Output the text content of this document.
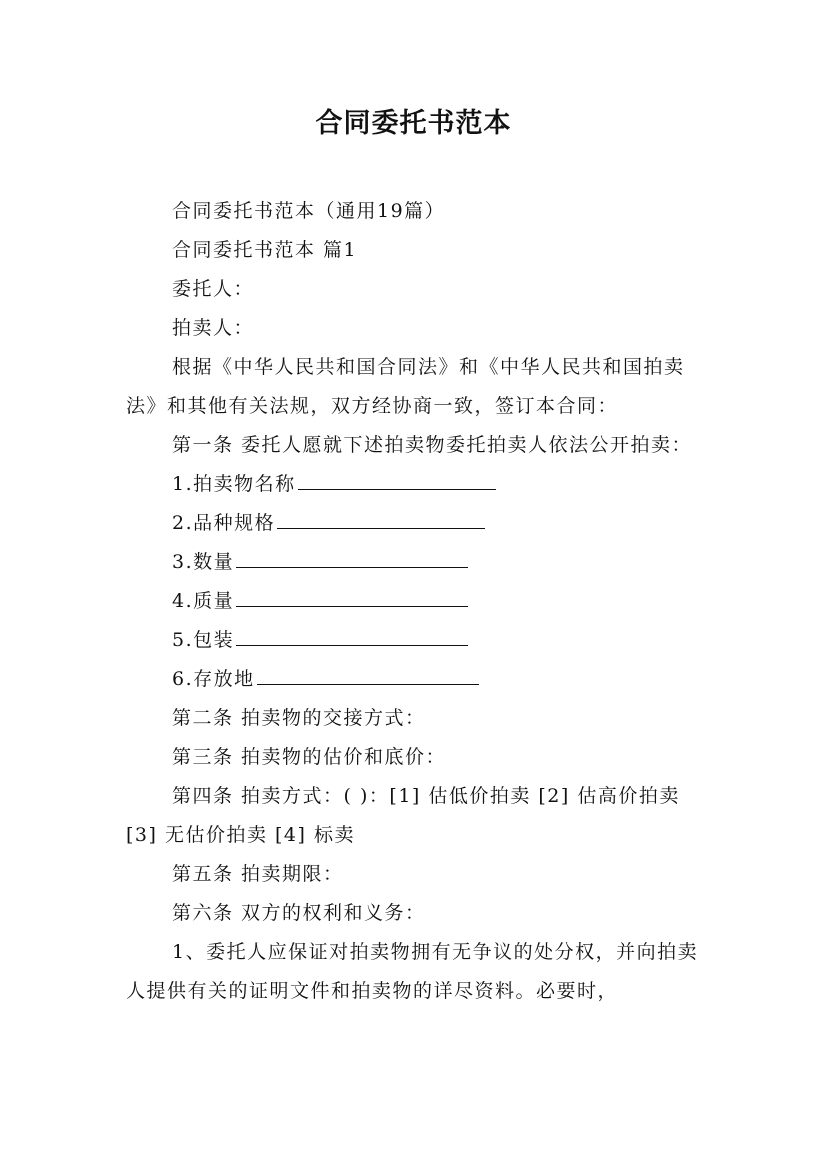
合同委托书范本

合同委托书范本（通用19篇）

合同委托书范本 篇1

委托人：

拍卖人：

根据《中华人民共和国合同法》和《中华人民共和国拍卖法》和其他有关法规，双方经协商一致，签订本合同：

第一条 委托人愿就下述拍卖物委托拍卖人依法公开拍卖：

1.拍卖物名称

2.品种规格

3.数量

4.质量

5.包装

6.存放地

第二条 拍卖物的交接方式：

第三条 拍卖物的估价和底价：

第四条 拍卖方式：( )：[1] 估低价拍卖 [2] 估高价拍卖 [3] 无估价拍卖 [4] 标卖

第五条 拍卖期限：

第六条 双方的权利和义务：

1、委托人应保证对拍卖物拥有无争议的处分权，并向拍卖人提供有关的证明文件和拍卖物的详尽资料。必要时，
